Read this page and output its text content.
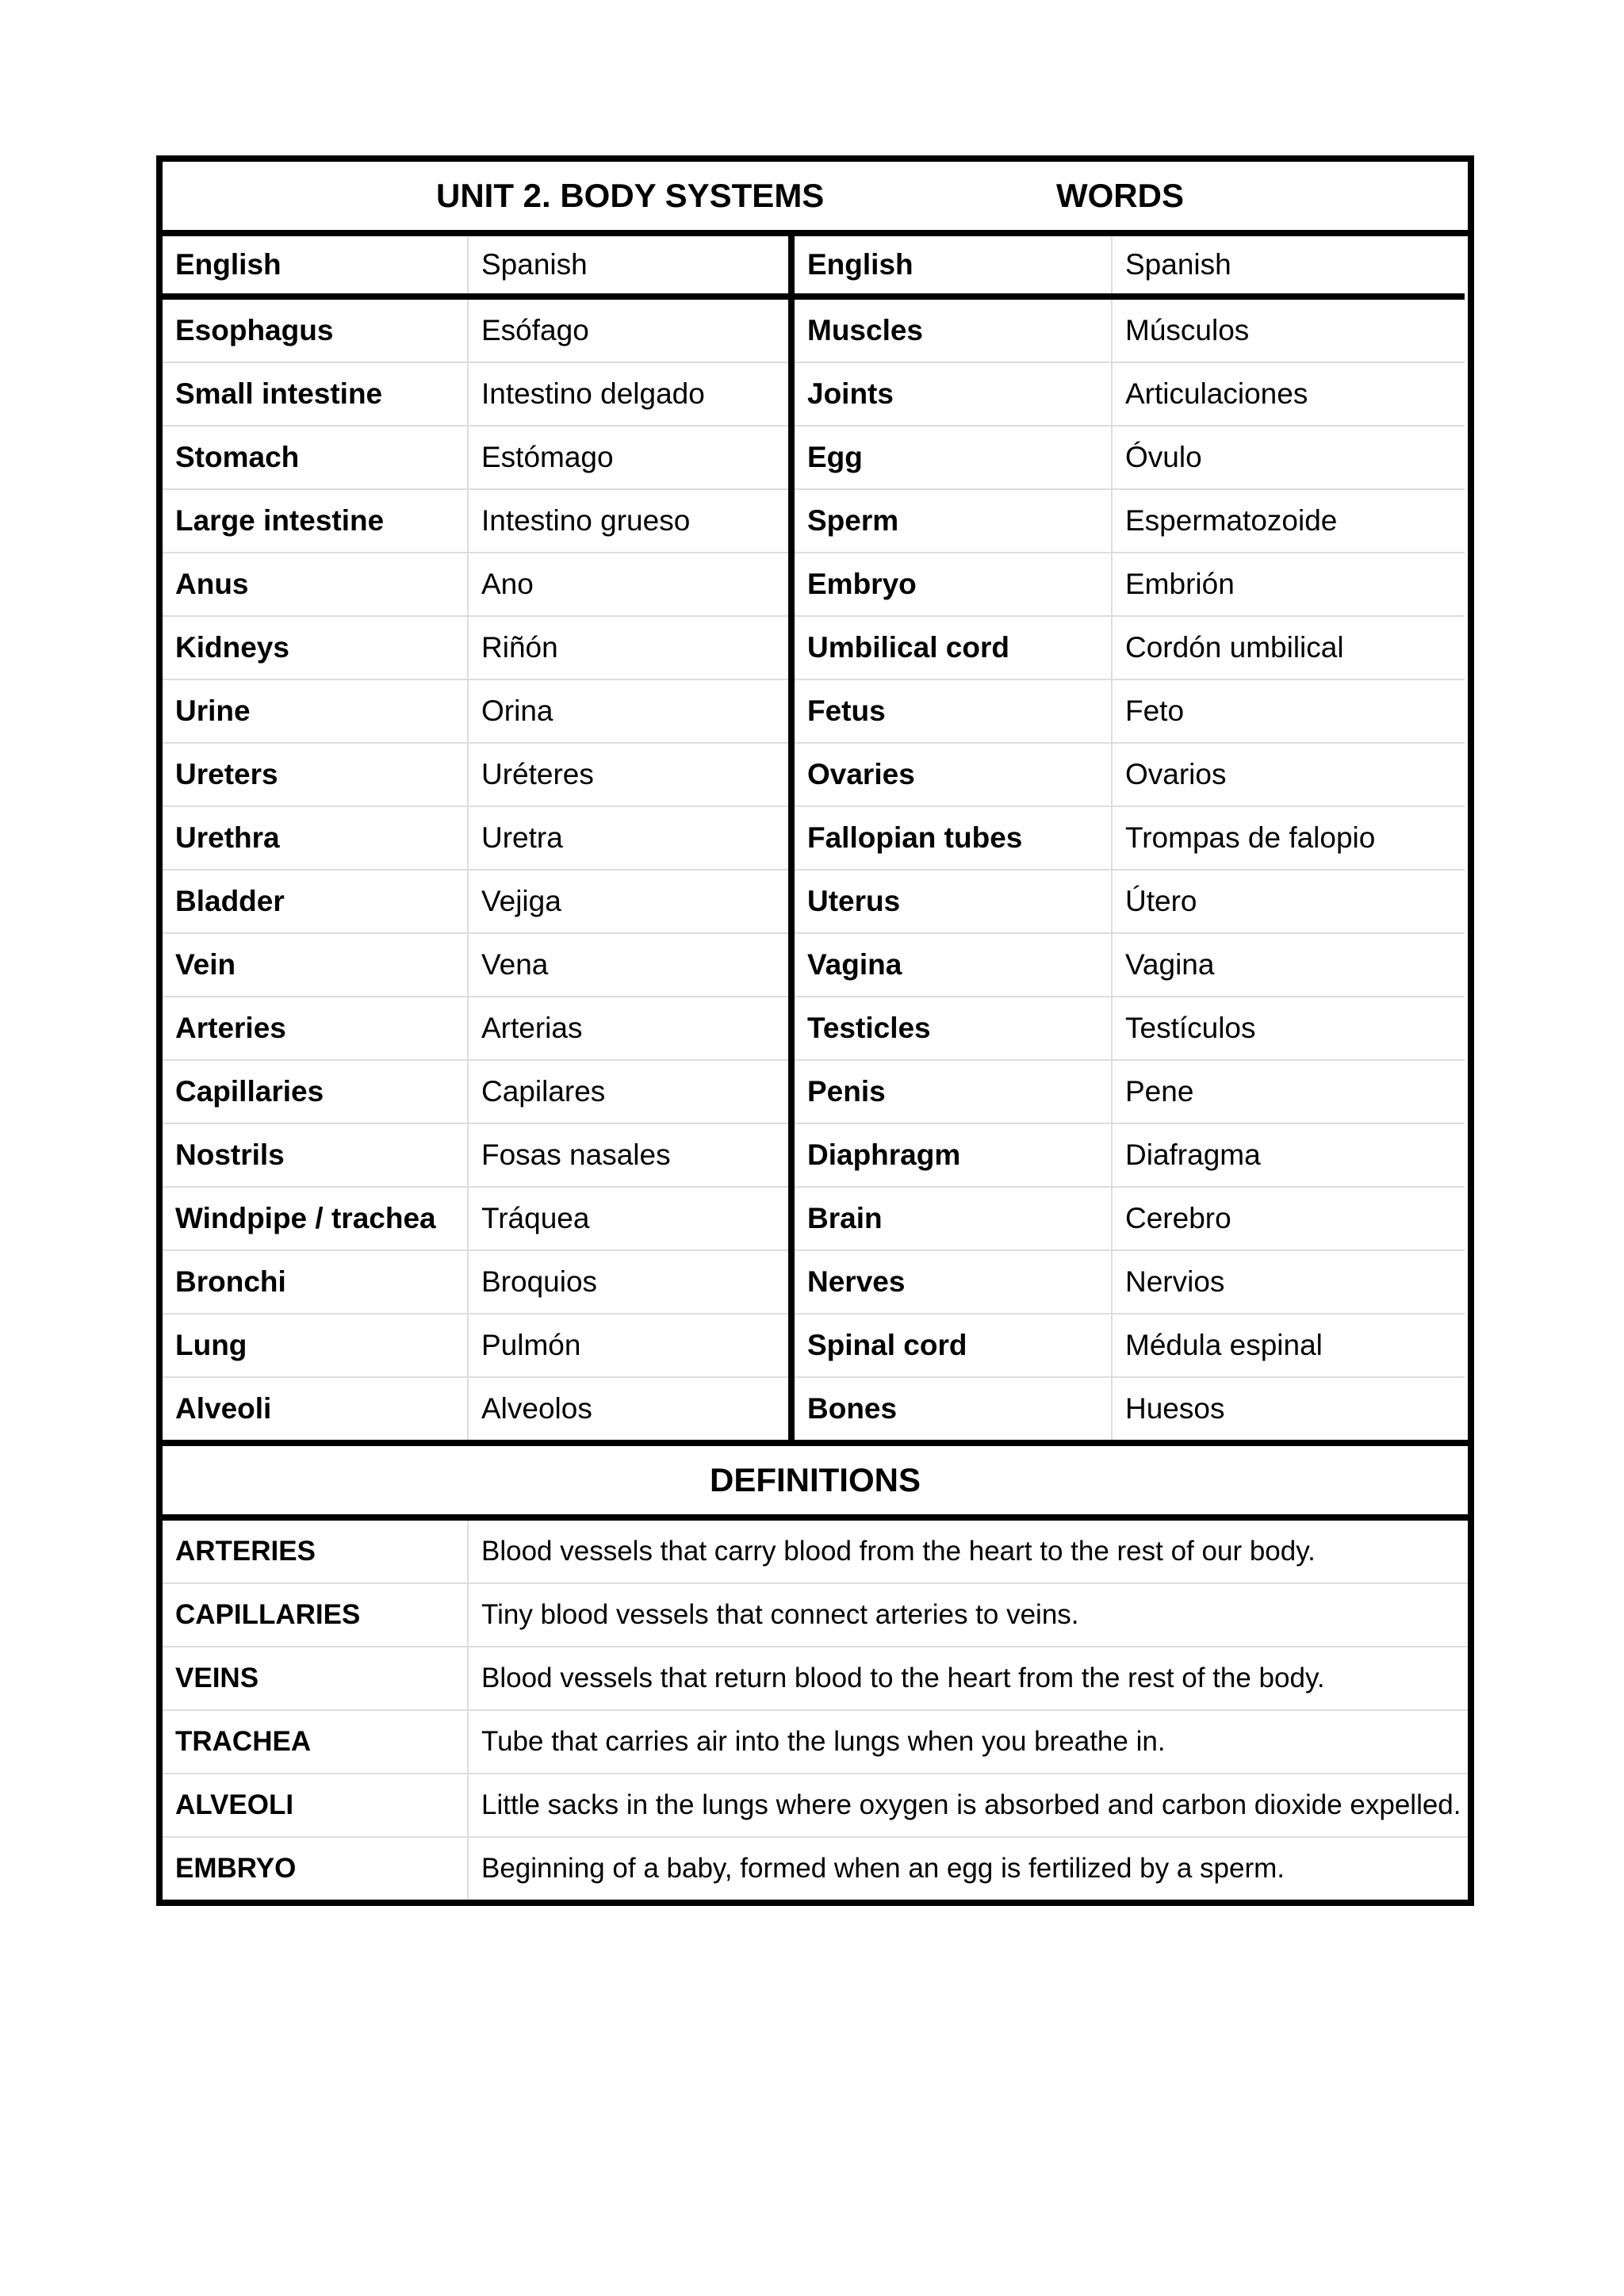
UNIT 2. BODY SYSTEMS	WORDS
English	Spanish
Esophagus	Esófago
Small intestine	Intestino delgado
Stomach	Estómago
Large intestine	Intestino grueso
Anus	Ano
Kidneys	Riñón
Urine	Orina
Ureters	Uréteres
Urethra	Uretra
Bladder	Vejiga
Vein	Vena
Arteries	Arterias
Capillaries	Capilares
Nostrils	Fosas nasales
Windpipe / trachea	Tráquea
Bronchi	Broquios
Lung	Pulmón
Alveoli	Alveolos
English	Spanish
Muscles	Músculos
Joints	Articulaciones
Egg	Óvulo
Sperm	Espermatozoide
Embryo	Embrión
Umbilical cord	Cordón umbilical
Fetus	Feto
Ovaries	Ovarios
Fallopian tubes	Trompas de falopio
Uterus	Útero
Vagina	Vagina
Testicles	Testículos
Penis	Pene
Diaphragm	Diafragma
Brain	Cerebro
Nerves	Nervios
Spinal cord	Médula espinal
Bones	Huesos
DEFINITIONS
ARTERIES	Blood vessels that carry blood from the heart to the rest of our body.
CAPILLARIES	Tiny blood vessels that connect arteries to veins.
VEINS	Blood vessels that return blood to the heart from the rest of the body.
TRACHEA	Tube that carries air into the lungs when you breathe in.
ALVEOLI	Little sacks in the lungs where oxygen is absorbed and carbon dioxide expelled.
EMBRYO	Beginning of a baby, formed when an egg is fertilized by a sperm.
